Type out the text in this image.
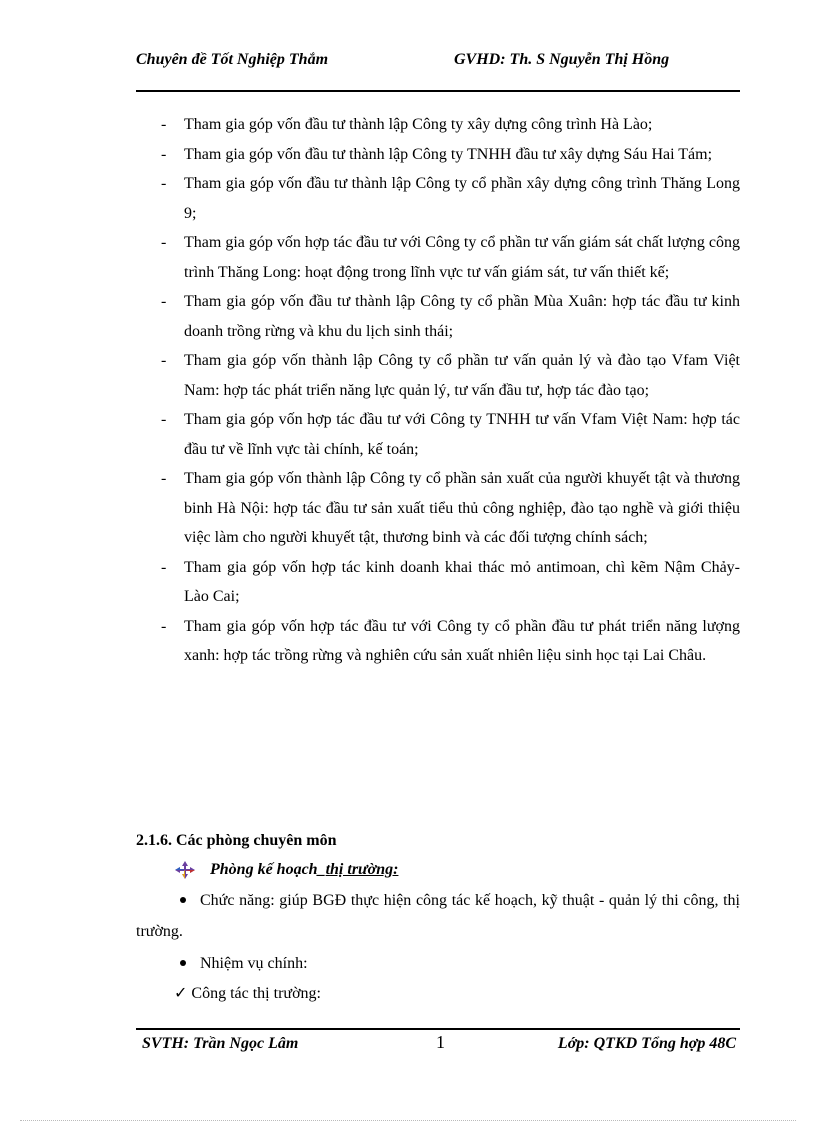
Chuyên đề Tốt Nghiệp Thắm	GVHD: Th. S Nguyễn Thị Hồng
- Tham gia góp vốn đầu tư thành lập Công ty xây dựng công trình Hà Lào;
- Tham gia góp vốn đầu tư thành lập Công ty TNHH đầu tư xây dựng Sáu Hai Tám;
- Tham gia góp vốn đầu tư thành lập Công ty cổ phần xây dựng công trình Thăng Long 9;
- Tham gia góp vốn hợp tác đầu tư với Công ty cổ phần tư vấn giám sát chất lượng công trình Thăng Long: hoạt động trong lĩnh vực tư vấn giám sát, tư vấn thiết kế;
- Tham gia góp vốn đầu tư thành lập Công ty cổ phần Mùa Xuân: hợp tác đầu tư kinh doanh trồng rừng và khu du lịch sinh thái;
- Tham gia góp vốn thành lập Công ty cổ phần tư vấn quản lý và đào tạo Vfam Việt Nam: hợp tác phát triển năng lực quản lý, tư vấn đầu tư, hợp tác đào tạo;
- Tham gia góp vốn hợp tác đầu tư với Công ty TNHH tư vấn Vfam Việt Nam: hợp tác đầu tư về lĩnh vực tài chính, kế toán;
- Tham gia góp vốn thành lập Công ty cổ phần sản xuất của người khuyết tật và thương binh Hà Nội: hợp tác đầu tư sản xuất tiểu thủ công nghiệp, đào tạo nghề và giới thiệu việc làm cho người khuyết tật, thương binh và các đối tượng chính sách;
- Tham gia góp vốn hợp tác kinh doanh khai thác mỏ antimoan, chì kẽm Nậm Chảy- Lào Cai;
- Tham gia góp vốn hợp tác đầu tư với Công ty cổ phần đầu tư phát triển năng lượng xanh: hợp tác trồng rừng và nghiên cứu sản xuất nhiên liệu sinh học tại Lai Châu.
2.1.6. Các phòng chuyên môn
Phòng kế hoạch_ thị trường:
Chức năng: giúp BGĐ thực hiện công tác kế hoạch, kỹ thuật - quản lý thi công, thị trường.
Nhiệm vụ chính:
✓ Công tác thị trường:
SVTH: Trần Ngọc Lâm	1	Lớp: QTKD Tổng hợp 48C
